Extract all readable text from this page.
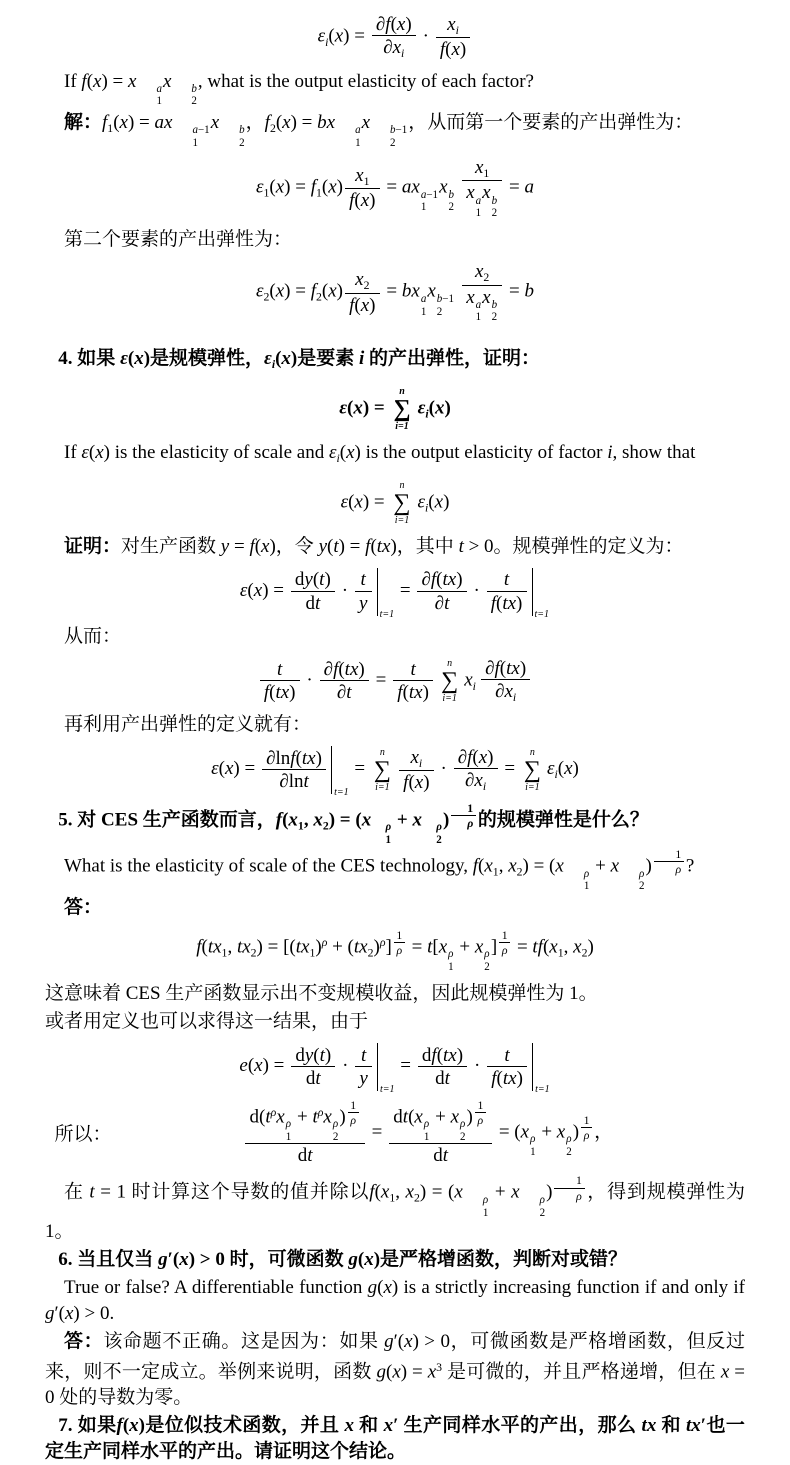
$\varepsilon_i(x) = \frac{\partial f(x)}{\partial x_i} \cdot \frac{x_i}{f(x)}$
If f(x) = x	a
1
x	b
2
, what is the output elasticity of each factor?
解：$f_1(x)$ = ax	a−1
1
x	b
2
，$f_2(x)$ = bx	a
1
x	b−1
2
，从而第一个要素的产出弹性为：
$\varepsilon_1(x) = f_1(x) \frac{x_1}{f(x)}$ = ax a−1
1
x b
2 $x_1$
x a
1
x b
2 = a
第二个要素的产出弹性为：
$\varepsilon_2(x) = f_2(x) \frac{x_2}{f(x)}$ = bx a
1
x b−1
2 $x_2$
x a
1
x b
2 = b
4. 如果 ε(x)是规模弹性，$\varepsilon_i(x)$是要素 i 的产出弹性，证明：
ε(x) =
n
∑
i=1
$\varepsilon_i(x)$
If ε(x) is the elasticity of scale and $\varepsilon_i(x)$ is the output elasticity of factor i, show that
ε(x) =
n
∑
i=1
$\varepsilon_i(x)$
证明：对生产函数 y = f(x)，令 y(t) = f(tx)，其中 t > 0。规模弹性的定义为：
$\varepsilon(x) = \frac{dy(t)}{dt} \cdot \frac{t}{y} t=1$
= $\frac{\partial f(tx)}{\partial t} \cdot \frac{t}{f(tx)} t=1$
从而：
$\frac{t}{f(tx)} \cdot \frac{\partial f(tx)}{\partial t} = \frac{t}{f(tx)}$ n
∑
i=1
$x_i \frac{\partial f(tx)}{\partial x_i}$
再利用产出弹性的定义就有：
$\varepsilon(x) = \frac{\partial\ln f(tx)}{\partial\ln t} t=1$
=
n
∑
$i=1 \frac{x_i}{f(x)} \cdot \frac{\partial f(x)}{\partial x_i}$ =
n
∑
i=1
$\varepsilon_i(x)$
5. 对 CES 生产函数而言，$f(x_1$, $x_2) = (x$	ρ
1
+ x	ρ
2
) $^{\frac{1}{\rho}}$ 的规模弹性是什么？
What is the elasticity of scale of the CES technology, $f(x_1$, $x_2) = (x$	ρ
1
+ x	ρ
2
) $^{\frac{1}{\rho}}$ ?
答：
$f(tx_1$, $tx_2) = [(tx_1)^\rho + (tx_2)^\rho] ^{\frac{1}{\rho}} = t[x$ ρ
1
+ x ρ
2
] $^{\frac{1}{\rho}} = tf(x_1$, $x_2$)
这意味着 CES 生产函数显示出不变规模收益，因此规模弹性为 1。
或者用定义也可以求得这一结果，由于
$e(x) = \frac{dy(t)}{dt} \cdot \frac{t}{y} t=1$
= $\frac{df(tx)}{dt} \cdot \frac{t}{f(tx)} t=1$
所以：	$d(t^\rho x$ ρ
1
+ $t^\rho x$ ρ
2
) $^{\frac{1}{\rho}}$
dt = dt(x ρ
1
+ x ρ
2
) $^{\frac{1}{\rho}}$
dt = (x ρ
1
+ x ρ
2
) $^{\frac{1}{\rho}}$ ，
在 t = 1 时计算这个导数的值并除以$f(x_1$, $x_2) = (x$	ρ
1
+ x	ρ
2
) $^{\frac{1}{\rho}}$ ，得到规模弹性为 1。
6. 当且仅当 g′(x) > 0 时，可微函数 g(x)是严格增函数，判断对或错？
True or false? A differentiable function g(x) is a strictly increasing function if and only if g′(x) > 0.
答：该命题不正确。这是因为：如果 g′(x) > 0，可微函数是严格增函数，但反过来，则不一定成立。举例来说明，函数 $g(x) = x^3$ 是可微的，并且严格递增，但在 x = 0 处的导数为零。
7. 如果f(x)是位似技术函数，并且 x 和 x′ 生产同样水平的产出，那么 tx 和 tx′也一定生产同样水平的产出。请证明这个结论。
